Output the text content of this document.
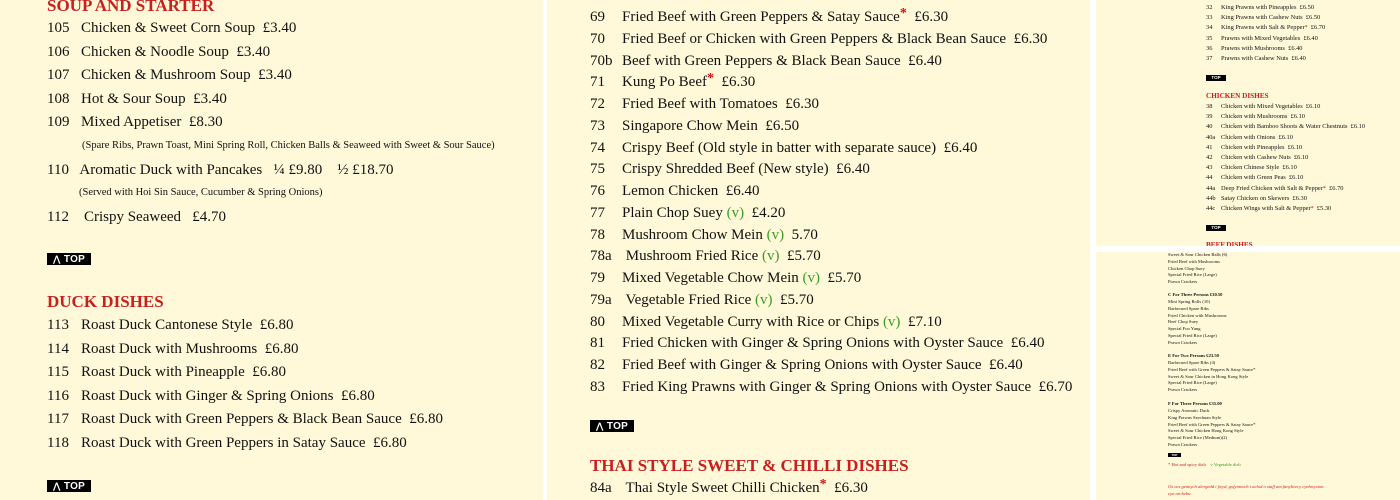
SOUP AND STARTER
105 Chicken & Sweet Corn Soup £3.40
106 Chicken & Noodle Soup £3.40
107 Chicken & Mushroom Soup £3.40
108 Hot & Sour Soup £3.40
109 Mixed Appetiser £8.30
(Spare Ribs, Prawn Toast, Mini Spring Roll, Chicken Balls & Seaweed with Sweet & Sour Sauce)
110 Aromatic Duck with Pancakes ¼ £9.80 ½ £18.70
(Served with Hoi Sin Sauce, Cucumber & Spring Onions)
112 Crispy Seaweed £4.70
⋀ TOP
DUCK DISHES
113 Roast Duck Cantonese Style £6.80
114 Roast Duck with Mushrooms £6.80
115 Roast Duck with Pineapple £6.80
116 Roast Duck with Ginger & Spring Onions £6.80
117 Roast Duck with Green Peppers & Black Bean Sauce £6.80
118 Roast Duck with Green Peppers in Satay Sauce £6.80
⋀ TOP
69 Fried Beef with Green Peppers & Satay Sauce* £6.30
70 Fried Beef or Chicken with Green Peppers & Black Bean Sauce £6.30
70b Beef with Green Peppers & Black Bean Sauce £6.40
71 Kung Po Beef* £6.30
72 Fried Beef with Tomatoes £6.30
73 Singapore Chow Mein £6.50
74 Crispy Beef (Old style in batter with separate sauce) £6.40
75 Crispy Shredded Beef (New style) £6.40
76 Lemon Chicken £6.40
77 Plain Chop Suey (v) £4.20
78 Mushroom Chow Mein (v) 5.70
78a Mushroom Fried Rice (v) £5.70
79 Mixed Vegetable Chow Mein (v) £5.70
79a Vegetable Fried Rice (v) £5.70
80 Mixed Vegetable Curry with Rice or Chips (v) £7.10
81 Fried Chicken with Ginger & Spring Onions with Oyster Sauce £6.40
82 Fried Beef with Ginger & Spring Onions with Oyster Sauce £6.40
83 Fried King Prawns with Ginger & Spring Onions with Oyster Sauce £6.70
⋀ TOP
THAI STYLE SWEET & CHILLI DISHES
84a Thai Style Sweet Chilli Chicken* £6.30
32 King Prawns with Pineapples £6.50
33 King Prawns with Cashew Nuts £6.50
34 King Prawns with Salt & Pepper* £6.70
35 Prawns with Mixed Vegetables £6.40
36 Prawns with Mushrooms £6.40
37 Prawns with Cashew Nuts £6.40
TOP
CHICKEN DISHES
38 Chicken with Mixed Vegetables £6.10
39 Chicken with Mushrooms £6.10
40 Chicken with Bamboo Shoots & Water Chestnuts £6.10
40a Chicken with Onions £6.10
41 Chicken with Pineapples £6.10
42 Chicken with Cashew Nuts £6.10
43 Chicken Chinese Style £6.10
44 Chicken with Green Peas £6.10
44a Deep Fried Chicken with Salt & Pepper* £6.70
44b Satay Chicken on Skewers £6.30
44c Chicken Wings with Salt & Pepper* £5.30
TOP
BEEF DISHES
Sweet & Sour Chicken Balls (6)
Fried Beef with Mushrooms
Chicken Chop Suey
Special Fried Rice (Large)
Prawn Crackers
C For Three Persons £30.50
Mini Spring Rolls (10)
Barbecued Spare Ribs
Fried Chicken with Mushrooms
Beef Chop Suey
Special Foo Yung
Special Fried Rice (Large)
Prawn Crackers
E For Two Persons £23.50
Barbecued Spare Ribs (4)
Fried Beef with Green Peppers & Satay Sauce*
Sweet & Sour Chicken in Hong Kong Style
Special Fried Rice (Large)
Prawn Crackers
F For Three Persons £35.00
Crispy Aromatic Duck
King Prawns Szechuan Style
Fried Beef with Green Peppers & Satay Sauce*
Sweet & Sour Chicken Hong Kong Style
Special Fried Rice (Medium)(2)
Prawn Crackers
TOP
* Hot and spicy dish v Vegetable dish
Os oes gennych alergedd i fwyd, gofynnwch i aelod o staff am fanylion y cynhwysion
cyn archebu.
